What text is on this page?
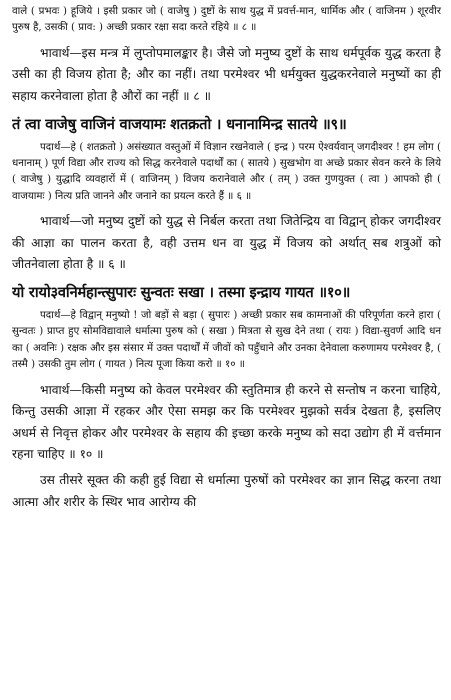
वाले ( प्रभवः ) हूजिये । इसी प्रकार जो ( वाजेषु ) दुष्टों के साथ युद्ध में प्रवर्त्त-मान, धार्मिक और ( वाजिनम ) शूरवीर पुरुष है, उसकी ( प्राव: ) अच्छी प्रकार रक्षा सदा करते रहिये ॥ ८ ॥

भावार्थ—इस मन्त्र में लुप्तोपमालङ्कार है। जैसे जो मनुष्य दुष्टों के साथ धर्मपूर्वक युद्ध करता है उसी का ही विजय होता है; और का नहीं। तथा परमेश्वर भी धर्मयुक्त युद्धकरनेवाले मनुष्यों का ही सहाय करनेवाला होता है औरों का नहीं ॥ ८ ॥

तं त्वा वाजेषु वाजिनं वाजयामः शतक्रतो । धनानामिन्द्र सातये ॥९॥

पदार्थ—हे ( शतक्रतो ) असंख्यात वस्तुओं में विज्ञान रखनेवाले ( इन्द्र ) परम ऐश्वर्यवान् जगदीश्वर ! हम लोग ( धनानाम् ) पूर्ण विद्या और राज्य को सिद्ध करनेवाले पदार्थों का ( सातये ) सुखभोग वा अच्छे प्रकार सेवन करने के लिये ( वाजेषु ) युद्धादि व्यवहारों में ( वाजिनम् ) विजय करानेवाले और ( तम् ) उक्त गुणयुक्त ( त्वा ) आपको ही ( वाजयामः ) नित्य प्रति जानने और जनाने का प्रयत्न करते हैं ॥ ६ ॥

भावार्थ—जो मनुष्य दुष्टों को युद्ध से निर्बल करता तथा जितेन्द्रिय वा विद्वान् होकर जगदीश्वर की आज्ञा का पालन करता है, वही उत्तम धन वा युद्ध में विजय को अर्थात् सब शत्रुओं को जीतनेवाला होता है ॥ ६ ॥

यो रायो३वनिर्महान्त्सुपारः सुन्वतः सखा । तस्मा इन्द्राय गायत ॥१०॥

पदार्थ—हे विद्वान् मनुष्यो ! जो बड़ों से बड़ा ( सुपारः ) अच्छी प्रकार सब कामनाओं की परिपूर्णता करने हारा ( सुन्वतः ) प्राप्त हुए सोमविद्यावाले धर्मात्मा पुरुष को ( सखा ) मित्रता से सुख देने तथा ( रायः ) विद्या-सुवर्ण आदि धन का ( अवनिः ) रक्षक और इस संसार में उक्त पदार्थों में जीवों को पहुँचाने और उनका देनेवाला करुणामय परमेश्वर है, ( तस्मै ) उसकी तुम लोग ( गायत ) नित्य पूजा किया करो ॥ १० ॥

भावार्थ—किसी मनुष्य को केवल परमेश्वर की स्तुतिमात्र ही करने से सन्तोष न करना चाहिये, किन्तु उसकी आज्ञा में रहकर और ऐसा समझ कर कि परमेश्वर मुझको सर्वत्र देखता है, इसलिए अधर्म से निवृत्त होकर और परमेश्वर के सहाय की इच्छा करके मनुष्य को सदा उद्योग ही में वर्त्तमान रहना चाहिए ॥ १० ॥

उस तीसरे सूक्त की कही हुई विद्या से धर्मात्मा पुरुषों को परमेश्वर का ज्ञान सिद्ध करना तथा आत्मा और शरीर के स्थिर भाव आरोग्य की
